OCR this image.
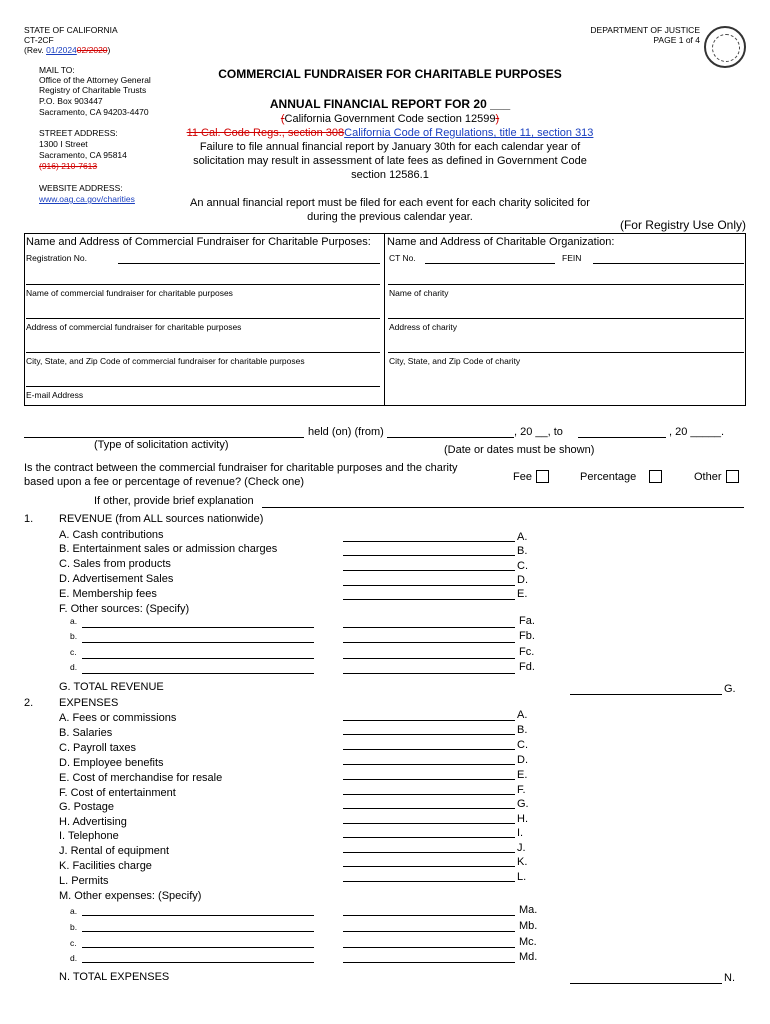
STATE OF CALIFORNIA
CT-2CF
(Rev. 01/202402/2020)
DEPARTMENT OF JUSTICE
PAGE 1 of 4
MAIL TO:
Office of the Attorney General
Registry of Charitable Trusts
P.O. Box 903447
Sacramento, CA 94203-4470
STREET ADDRESS:
1300 I Street
Sacramento, CA 95814
(916) 210-7613
WEBSITE ADDRESS:
www.oag.ca.gov/charities
COMMERCIAL FUNDRAISER FOR CHARITABLE PURPOSES
ANNUAL FINANCIAL REPORT FOR 20 ___
(California Government Code section 12599)
11 Cal. Code Regs., section 308California Code of Regulations, title 11, section 313
Failure to file annual financial report by January 30th for each calendar year of
solicitation may result in assessment of late fees as defined in Government Code
section 12586.1
An annual financial report must be filed for each event for each charity solicited for
during the previous calendar year.
(For Registry Use Only)
Name and Address of Commercial Fundraiser for Charitable Purposes: Name and Address of Charitable Organization:
Registration No.	CT No.	FEIN
Name of commercial fundraiser for charitable purposes	Name of charity
Address of commercial fundraiser for charitable purposes	Address of charity
City, State, and Zip Code of commercial fundraiser for charitable purposes	City, State, and Zip Code of charity
E-mail Address
held (on) (from)	, 20 __, to	, 20 _____.
(Type of solicitation activity)	(Date or dates must be shown)
Is the contract between the commercial fundraiser for charitable purposes and the charity
based upon a fee or percentage of revenue? (Check one)	Fee	Percentage	Other
If other, provide brief explanation
1. REVENUE (from ALL sources nationwide)
A. Cash contributions	A.
B. Entertainment sales or admission charges	B.
C. Sales from products	C.
D. Advertisement Sales	D.
E. Membership fees	E.
F. Other sources: (Specify)
a.	Fa.
b.	Fb.
c.	Fc.
d.	Fd.
G. TOTAL REVENUE	G.
2. EXPENSES
A. Fees or commissions	A.
B. Salaries	B.
C. Payroll taxes	C.
D. Employee benefits	D.
E. Cost of merchandise for resale	E.
F. Cost of entertainment	F.
G. Postage	G.
H. Advertising	H.
I. Telephone	I.
J. Rental of equipment	J.
K. Facilities charge	K.
L. Permits	L.
M. Other expenses: (Specify)
a.	Ma.
b.	Mb.
c.	Mc.
d.	Md.
N. TOTAL EXPENSES	N.
